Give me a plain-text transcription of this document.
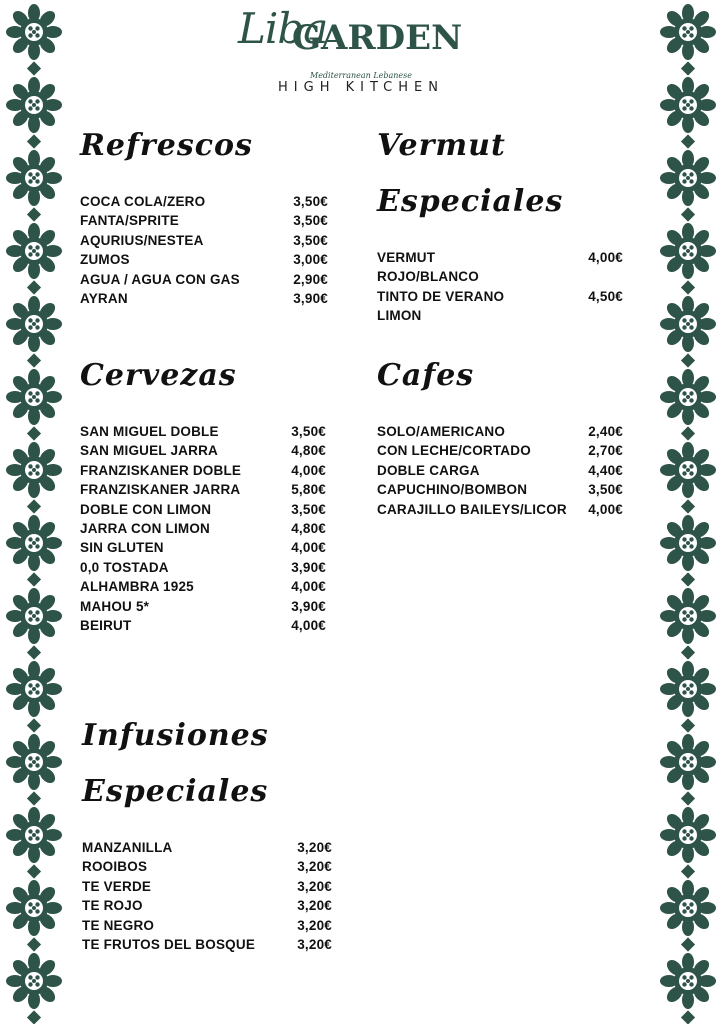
Liba
GARDEN
Mediterranean Lebanese
HIGH KITCHEN
Refrescos
COCA COLA/ZERO	3,50€
FANTA/SPRITE	3,50€
AQURIUS/NESTEA	3,50€
ZUMOS	3,00€
AGUA / AGUA CON GAS	2,90€
AYRAN	3,90€
Vermut Especiales
VERMUT	4,00€
ROJO/BLANCO
TINTO DE VERANO	4,50€
LIMON
Cervezas
SAN MIGUEL DOBLE	3,50€
SAN MIGUEL JARRA	4,80€
FRANZISKANER DOBLE	4,00€
FRANZISKANER JARRA	5,80€
DOBLE CON LIMON	3,50€
JARRA CON LIMON	4,80€
SIN GLUTEN	4,00€
0,0 TOSTADA	3,90€
ALHAMBRA 1925	4,00€
MAHOU 5*	3,90€
BEIRUT	4,00€
Cafes
SOLO/AMERICANO	2,40€
CON LECHE/CORTADO	2,70€
DOBLE CARGA	4,40€
CAPUCHINO/BOMBON	3,50€
CARAJILLO BAILEYS/LICOR 4,00€
Infusiones Especiales
MANZANILLA	3,20€
ROOIBOS	3,20€
TE VERDE	3,20€
TE ROJO	3,20€
TE NEGRO	3,20€
TE FRUTOS DEL BOSQUE	3,20€
